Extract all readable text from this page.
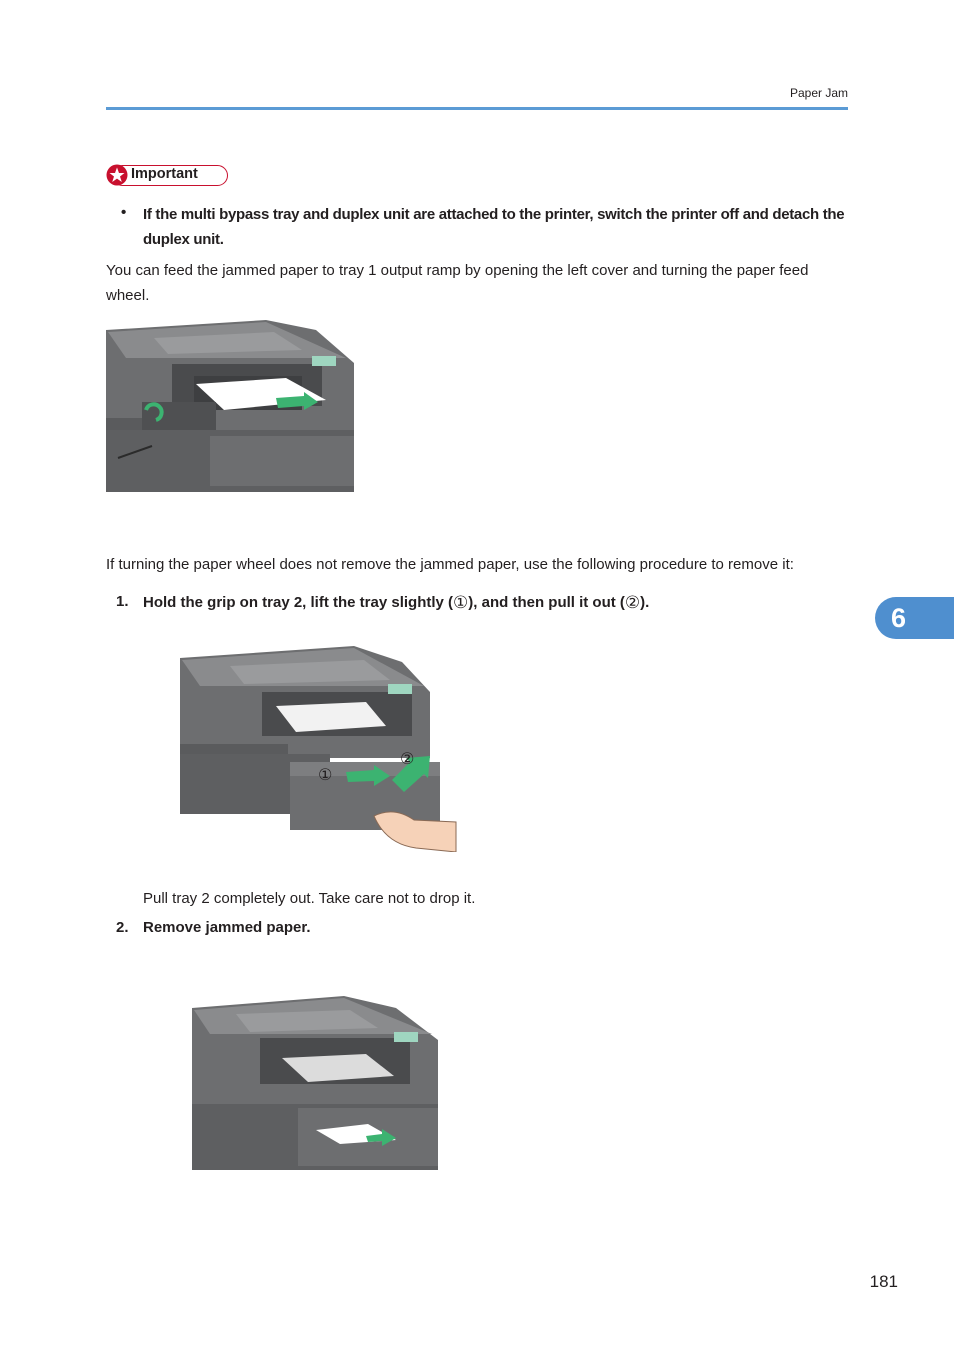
Paper Jam
Important
• If the multi bypass tray and duplex unit are attached to the printer, switch the printer off and detach the duplex unit.
You can feed the jammed paper to tray 1 output ramp by opening the left cover and turning the paper feed wheel.
If turning the paper wheel does not remove the jammed paper, use the following procedure to remove it:
1. Hold the grip on tray 2, lift the tray slightly (①), and then pull it out (②).
①
②
Pull tray 2 completely out. Take care not to drop it.
2. Remove jammed paper.
6
181
